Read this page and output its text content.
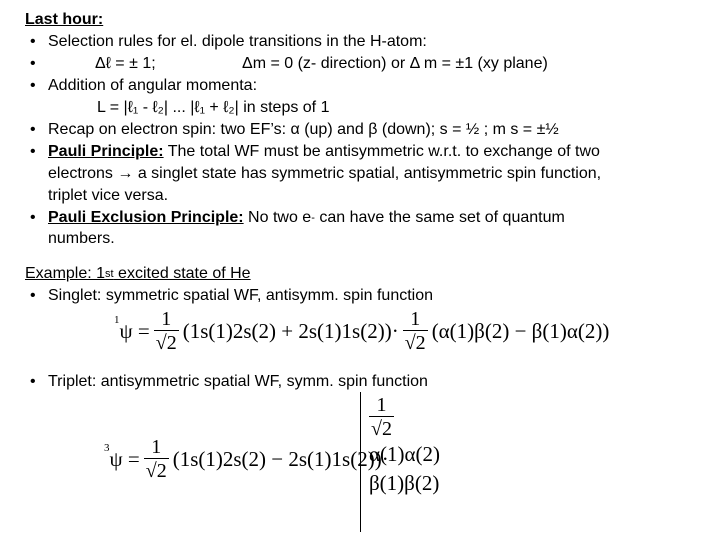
Last hour:
• Selection rules for el. dipole transitions in the H-atom:
•	Δℓ = ± 1;	Δm = 0 (z- direction) or Δ m = ±1 (xy plane)
• Addition of angular momenta:
L = |ℓ₁ - ℓ₂| ... |ℓ₁ + ℓ₂| in steps of 1
• Recap on electron spin: two EF’s: α (up) and β (down); s = ½ ; m s = ±½
• Pauli Principle: The total WF must be antisymmetric w.r.t. to exchange of two
electrons → a singlet state has symmetric spatial, antisymmetric spin function,
triplet vice versa.
• Pauli Exclusion Principle: No two e- can have the same set of quantum
numbers.
Example: 1st excited state of He
• Singlet: symmetric spatial WF, antisymm. spin function
$^1\psi = \frac{1}{√2} (1s(1)2s(2) + 2s(1)1s(2))\cdot \frac{1}{√2} (\alpha(1)\beta(2) - \beta(1)\alpha(2))$
• Triplet: antisymmetric spatial WF, symm. spin function
$^3\psi = \frac{1}{√2} (1s(1)2s(2) - 2s(1)1s(2))\cdot$
$\frac{1}{√2}$
α(1)α(2)
β(1)β(2)
